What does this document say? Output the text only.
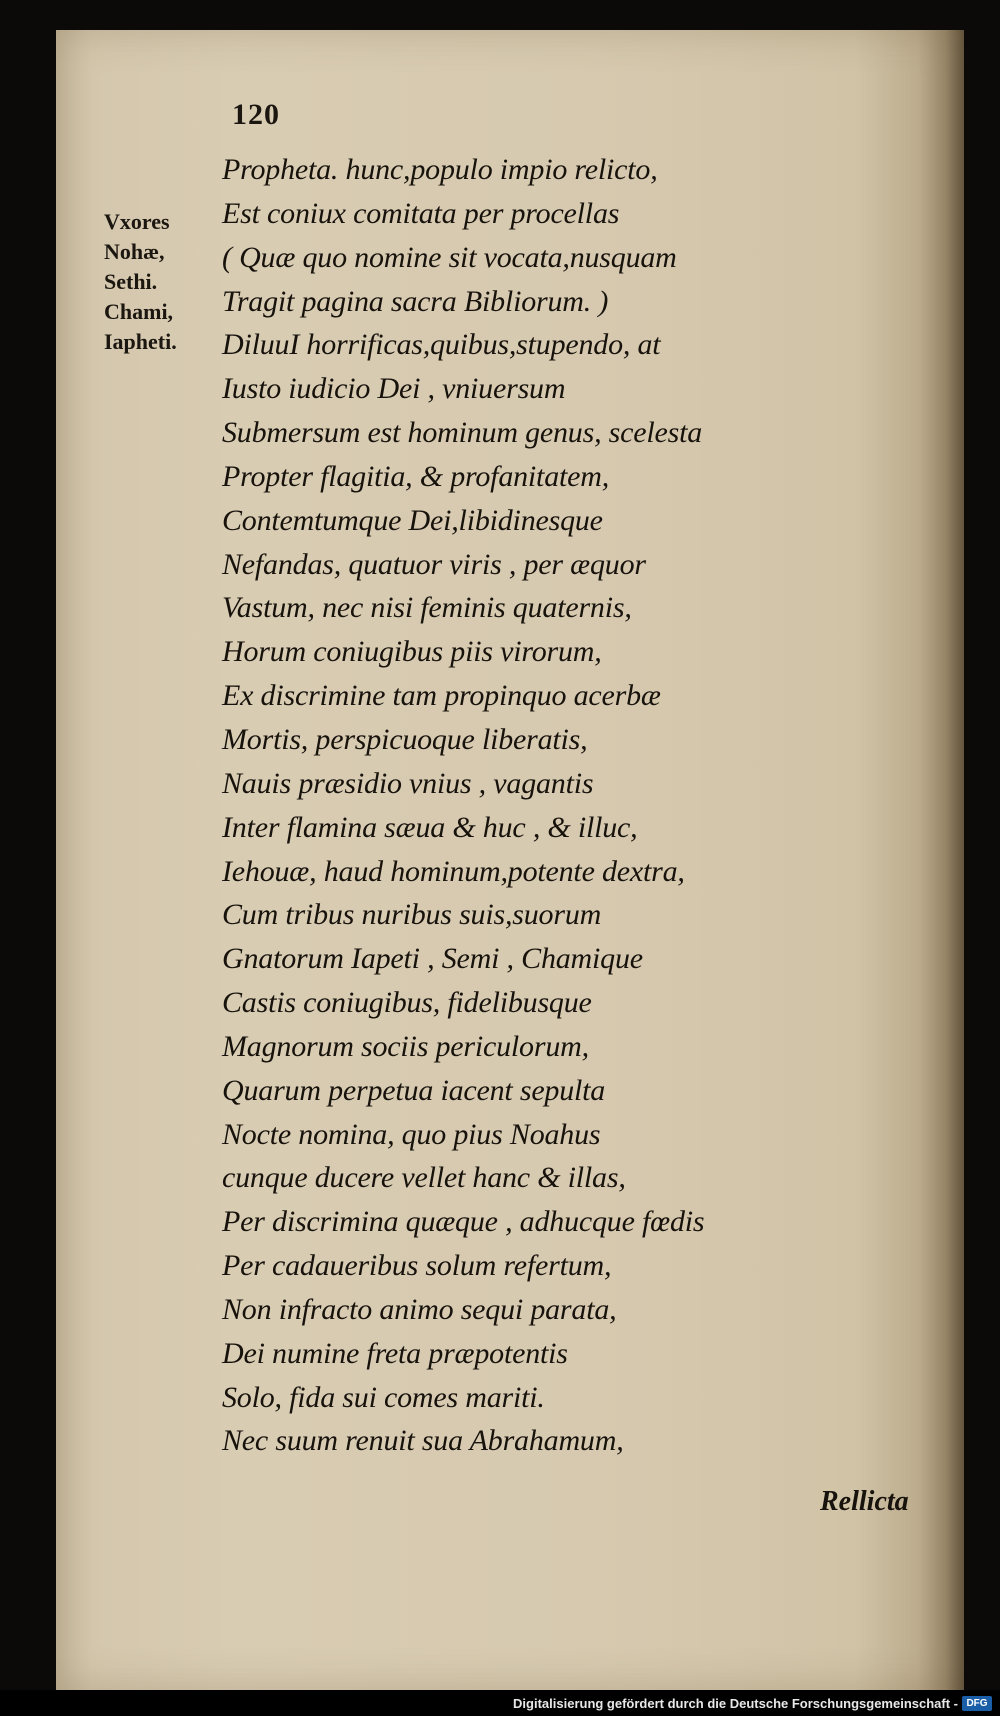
120
Vxores
Nohæ,
Sethi.
Chami,
Iapheti.
Propheta. hunc,populo impio relicto,
Est coniux comitata per procellas
( Quæ quo nomine sit vocata,nusquam
Tragit pagina sacra Bibliorum. )
DiluuI horrificas,quibus,stupendo, at
Iusto iudicio Dei , vniuersum
Submersum est hominum genus, scelesta
Propter flagitia, & profanitatem,
Contemtumque Dei,libidinesque
Nefandas, quatuor viris , per æquor
Vastum, nec nisi feminis quaternis,
Horum coniugibus piis virorum,
Ex discrimine tam propinquo acerbæ
Mortis, perspicuoque liberatis,
Nauis præsidio vnius , vagantis
Inter flamina sæua & huc , & illuc,
Iehouæ, haud hominum,potente dextra,
Cum tribus nuribus suis,suorum
Gnatorum Iapeti , Semi , Chamique
Castis coniugibus, fidelibusque
Magnorum sociis periculorum,
Quarum perpetua iacent sepulta
Nocte nomina, quo pius Noahus
cunque ducere vellet hanc & illas,
Per discrimina quæque , adhucque fœdis
Per cadaueribus solum refertum,
Non infracto animo sequi parata,
Dei numine freta præpotentis
Solo, fida sui comes mariti.
Nec suum renuit sua Abrahamum,
Rellicta
Digitalisierung gefördert durch die Deutsche Forschungsgemeinschaft - DFG
